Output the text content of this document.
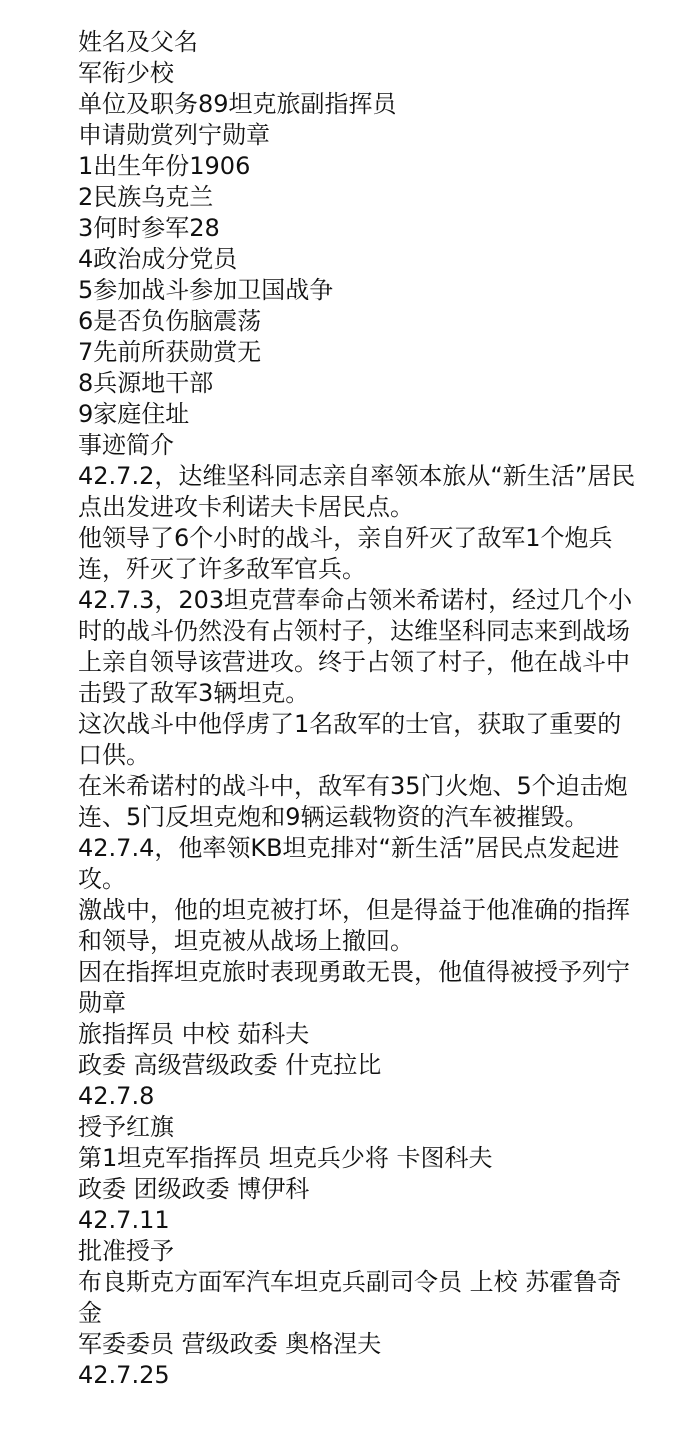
姓名及父名

军衔少校

单位及职务89坦克旅副指挥员

申请勋赏列宁勋章

1出生年份1906

2民族乌克兰

3何时参军28

4政治成分党员

5参加战斗参加卫国战争

6是否负伤脑震荡

7先前所获勋赏无

8兵源地干部

9家庭住址

事迹简介

42.7.2，达维坚科同志亲自率领本旅从“新生活”居民点出发进攻卡利诺夫卡居民点。

他领导了6个小时的战斗，亲自歼灭了敌军1个炮兵连，歼灭了许多敌军官兵。

42.7.3，203坦克营奉命占领米希诺村，经过几个小时的战斗仍然没有占领村子，达维坚科同志来到战场上亲自领导该营进攻。终于占领了村子，他在战斗中击毁了敌军3辆坦克。

这次战斗中他俘虏了1名敌军的士官，获取了重要的口供。

在米希诺村的战斗中，敌军有35门火炮、5个迫击炮连、5门反坦克炮和9辆运载物资的汽车被摧毁。

42.7.4，他率领KB坦克排对“新生活”居民点发起进攻。

激战中，他的坦克被打坏，但是得益于他准确的指挥和领导，坦克被从战场上撤回。

因在指挥坦克旅时表现勇敢无畏，他值得被授予列宁勋章

旅指挥员 中校 茹科夫

政委 高级营级政委 什克拉比

42.7.8

授予红旗

第1坦克军指挥员 坦克兵少将 卡图科夫

政委 团级政委 博伊科

42.7.11

批准授予

布良斯克方面军汽车坦克兵副司令员 上校 苏霍鲁奇金

军委委员 营级政委 奥格涅夫

42.7.25
